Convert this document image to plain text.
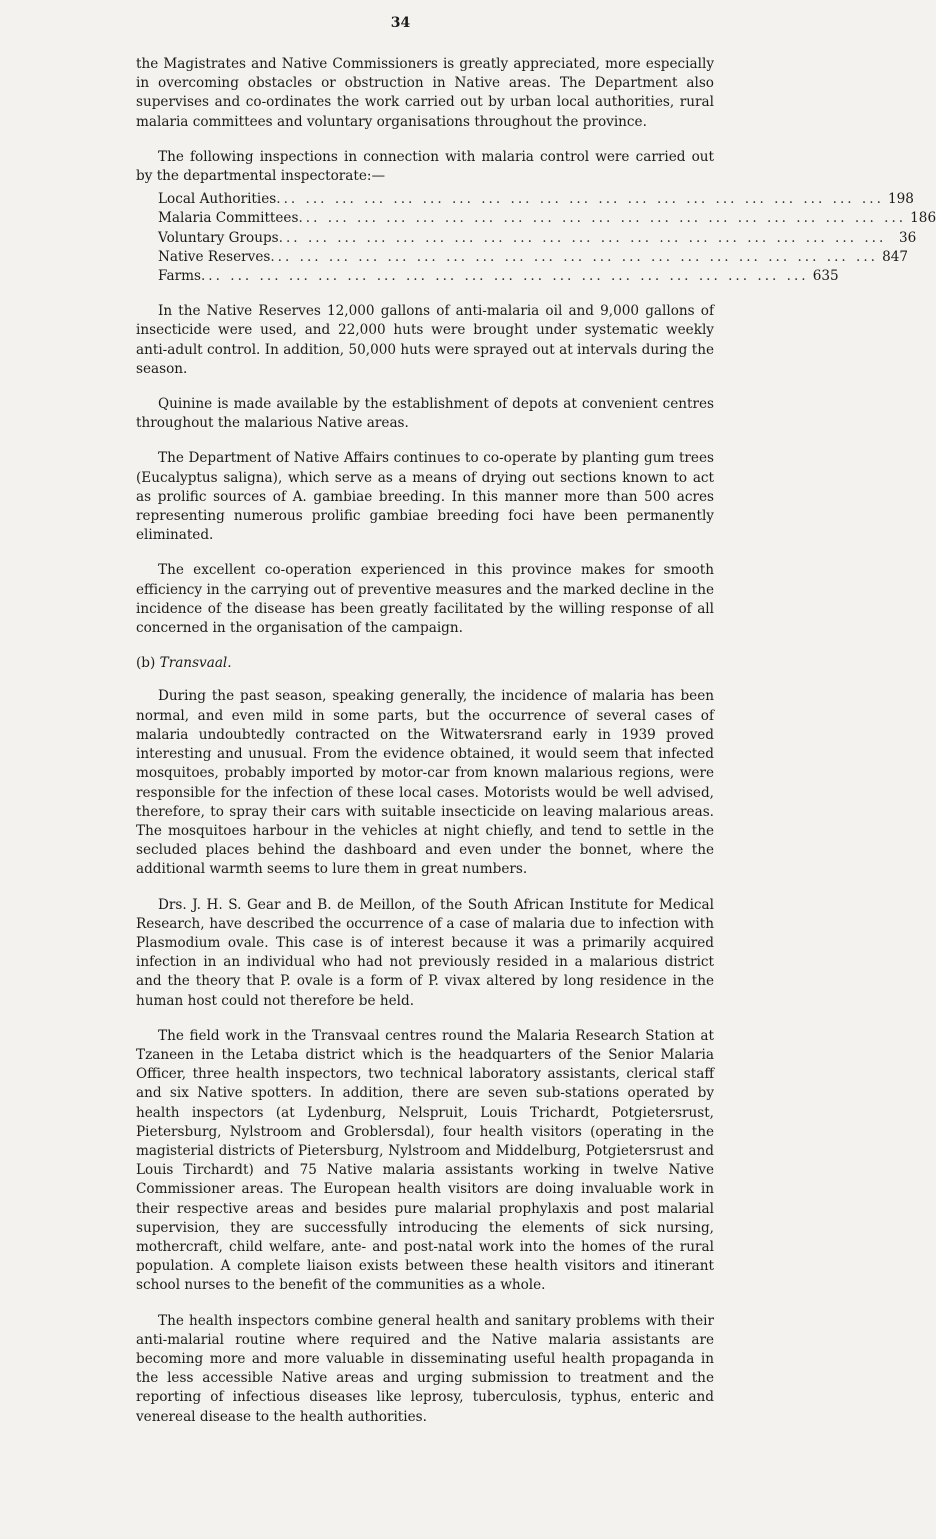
34

the Magistrates and Native Commissioners is greatly appreciated, more especially in overcoming obstacles or obstruction in Native areas. The Department also supervises and co-ordinates the work carried out by urban local authorities, rural malaria committees and voluntary organisations throughout the province.

The following inspections in connection with malaria control were carried out by the departmental inspectorate:—

Local Authorities ... ... ... ... ... ... ... ... ... ... ... ... ... ... ... ... ... ... ... ... ... 198
Malaria Committees ... ... ... ... ... ... ... ... ... ... ... ... ... ... ... ... ... ... ... ... ... 186
Voluntary Groups ... ... ... ... ... ... ... ... ... ... ... ... ... ... ... ... ... ... ... ... ... 36
Native Reserves ... ... ... ... ... ... ... ... ... ... ... ... ... ... ... ... ... ... ... ... ... 847
Farms ... ... ... ... ... ... ... ... ... ... ... ... ... ... ... ... ... ... ... ... ... 635

In the Native Reserves 12,000 gallons of anti-malaria oil and 9,000 gallons of insecticide were used, and 22,000 huts were brought under systematic weekly anti-adult control. In addition, 50,000 huts were sprayed out at intervals during the season.

Quinine is made available by the establishment of depots at convenient centres throughout the malarious Native areas.

The Department of Native Affairs continues to co-operate by planting gum trees (Eucalyptus saligna), which serve as a means of drying out sections known to act as prolific sources of A. gambiae breeding. In this manner more than 500 acres representing numerous prolific gambiae breeding foci have been permanently eliminated.

The excellent co-operation experienced in this province makes for smooth efficiency in the carrying out of preventive measures and the marked decline in the incidence of the disease has been greatly facilitated by the willing response of all concerned in the organisation of the campaign.

(b) Transvaal.

During the past season, speaking generally, the incidence of malaria has been normal, and even mild in some parts, but the occurrence of several cases of malaria undoubtedly contracted on the Witwatersrand early in 1939 proved interesting and unusual. From the evidence obtained, it would seem that infected mosquitoes, probably imported by motor-car from known malarious regions, were responsible for the infection of these local cases. Motorists would be well advised, therefore, to spray their cars with suitable insecticide on leaving malarious areas. The mosquitoes harbour in the vehicles at night chiefly, and tend to settle in the secluded places behind the dashboard and even under the bonnet, where the additional warmth seems to lure them in great numbers.

Drs. J. H. S. Gear and B. de Meillon, of the South African Institute for Medical Research, have described the occurrence of a case of malaria due to infection with Plasmodium ovale. This case is of interest because it was a primarily acquired infection in an individual who had not previously resided in a malarious district and the theory that P. ovale is a form of P. vivax altered by long residence in the human host could not therefore be held.

The field work in the Transvaal centres round the Malaria Research Station at Tzaneen in the Letaba district which is the headquarters of the Senior Malaria Officer, three health inspectors, two technical laboratory assistants, clerical staff and six Native spotters. In addition, there are seven sub-stations operated by health inspectors (at Lydenburg, Nelspruit, Louis Trichardt, Potgietersrust, Pietersburg, Nylstroom and Groblersdal), four health visitors (operating in the magisterial districts of Pietersburg, Nylstroom and Middelburg, Potgietersrust and Louis Tirchardt) and 75 Native malaria assistants working in twelve Native Commissioner areas. The European health visitors are doing invaluable work in their respective areas and besides pure malarial prophylaxis and post malarial supervision, they are successfully introducing the elements of sick nursing, mothercraft, child welfare, ante- and post-natal work into the homes of the rural population. A complete liaison exists between these health visitors and itinerant school nurses to the benefit of the communities as a whole.

The health inspectors combine general health and sanitary problems with their anti-malarial routine where required and the Native malaria assistants are becoming more and more valuable in disseminating useful health propaganda in the less accessible Native areas and urging submission to treatment and the reporting of infectious diseases like leprosy, tuberculosis, typhus, enteric and venereal disease to the health authorities.
